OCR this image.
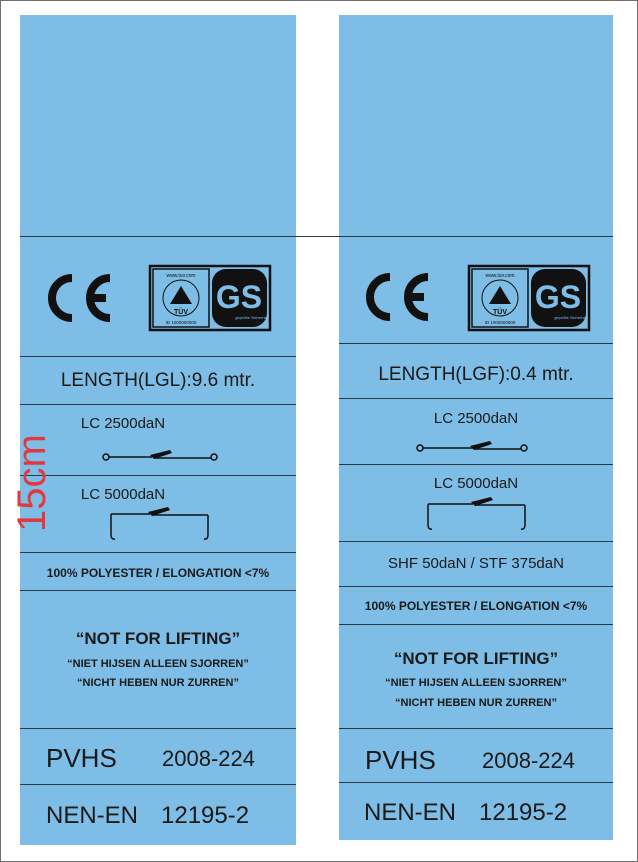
TÜV
www.tuv.com
ID 1000000000
GS
geprüfte Sicherheit
LENGTH(LGL):9.6 mtr.
LC 2500daN
LC 5000daN
100% POLYESTER / ELONGATION <7%
“NOT FOR LIFTING”
“NIET HIJSEN ALLEEN SJORREN”
“NICHT HEBEN NUR ZURREN”
PVHS 2008-224
NEN-EN 12195-2
TÜV
www.tuv.com
ID 1000000000
GS
geprüfte Sicherheit
LENGTH(LGF):0.4 mtr.
LC 2500daN
LC 5000daN
SHF 50daN / STF 375daN
100% POLYESTER / ELONGATION <7%
“NOT FOR LIFTING”
“NIET HIJSEN ALLEEN SJORREN”
“NICHT HEBEN NUR ZURREN”
PVHS 2008-224
NEN-EN 12195-2
15cm
